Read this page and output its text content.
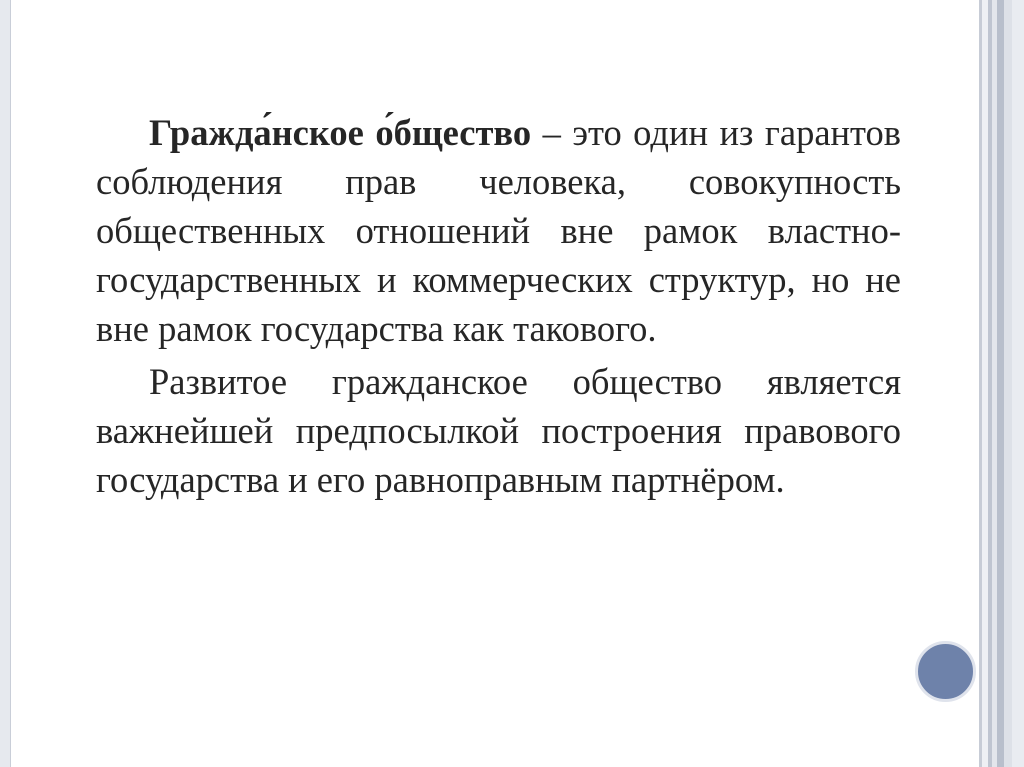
Гражда́нское о́бщество – это один из гарантов соблюдения прав человека, совокупность общественных отношений вне рамок властно-государственных и коммерческих структур, но не вне рамок государства как такового.

Развитое гражданское общество является важнейшей предпосылкой построения правового государства и его равноправным партнёром.
